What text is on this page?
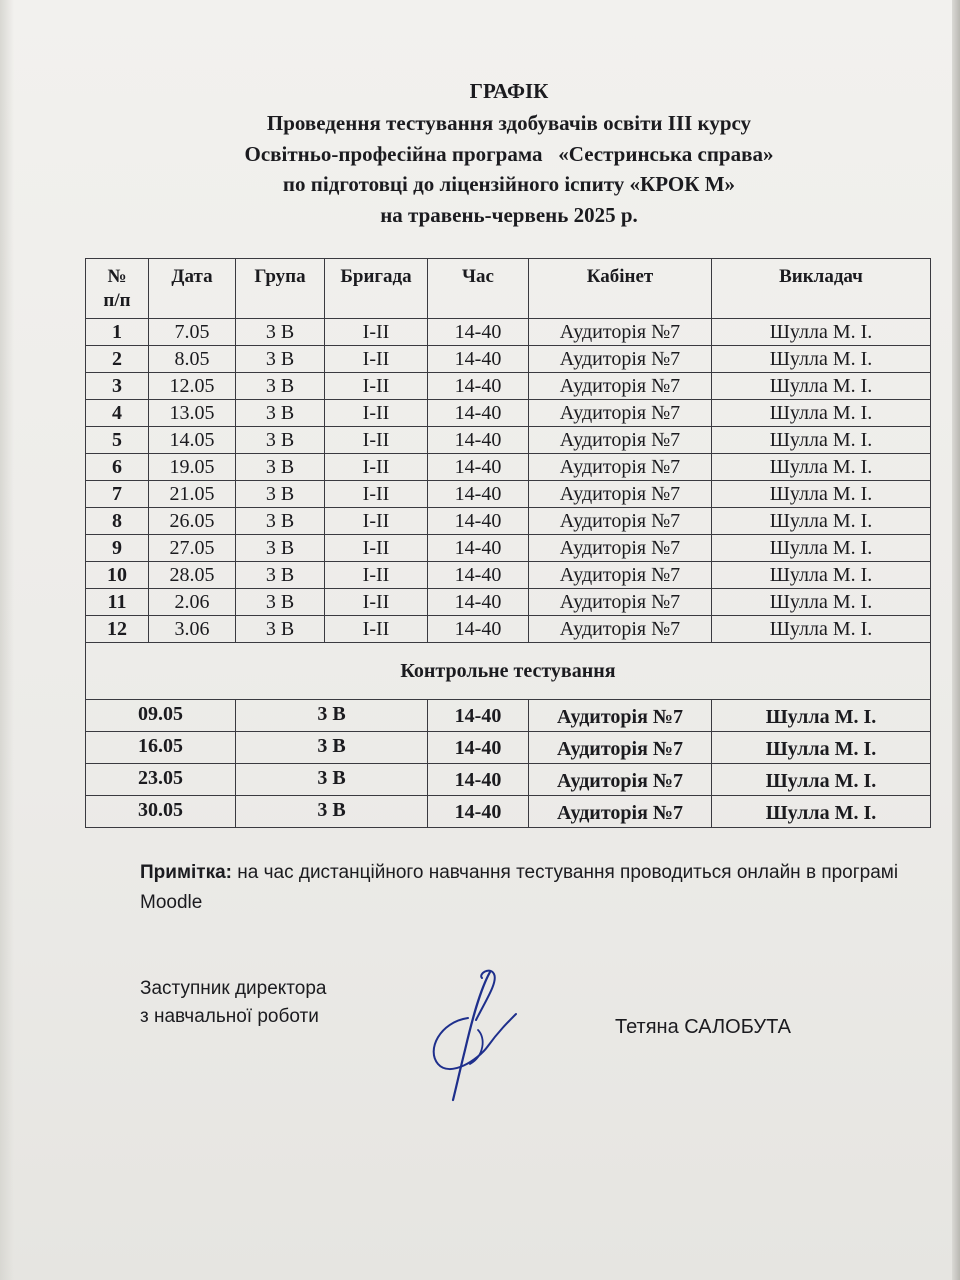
ГРАФІК
Проведення тестування здобувачів освіти ІІІ курсу
Освітньо-професійна програма   «Сестринська справа»
по підготовці до ліцензійного іспиту «КРОК М»
на травень-червень 2025 р.
№
п/п	Дата	Група	Бригада	Час	Кабінет	Викладач
1	7.05	3 В	І-ІІ	14-40	Аудиторія №7	Шулла М. І.
2	8.05	3 В	І-ІІ	14-40	Аудиторія №7	Шулла М. І.
3	12.05	3 В	І-ІІ	14-40	Аудиторія №7	Шулла М. І.
4	13.05	3 В	І-ІІ	14-40	Аудиторія №7	Шулла М. І.
5	14.05	3 В	І-ІІ	14-40	Аудиторія №7	Шулла М. І.
6	19.05	3 В	І-ІІ	14-40	Аудиторія №7	Шулла М. І.
7	21.05	3 В	І-ІІ	14-40	Аудиторія №7	Шулла М. І.
8	26.05	3 В	І-ІІ	14-40	Аудиторія №7	Шулла М. І.
9	27.05	3 В	І-ІІ	14-40	Аудиторія №7	Шулла М. І.
10	28.05	3 В	І-ІІ	14-40	Аудиторія №7	Шулла М. І.
11	2.06	3 В	І-ІІ	14-40	Аудиторія №7	Шулла М. І.
12	3.06	3 В	І-ІІ	14-40	Аудиторія №7	Шулла М. І.
Контрольне тестування						
09.05		3 В		14-40	Аудиторія №7	Шулла М. І.
16.05		3 В		14-40	Аудиторія №7	Шулла М. І.
23.05		3 В		14-40	Аудиторія №7	Шулла М. І.
30.05		3 В		14-40	Аудиторія №7	Шулла М. І.
Примітка: на час дистанційного навчання тестування проводиться онлайн в програмі Moodle
Заступник директора
з навчальної роботи	Тетяна САЛОБУТА
